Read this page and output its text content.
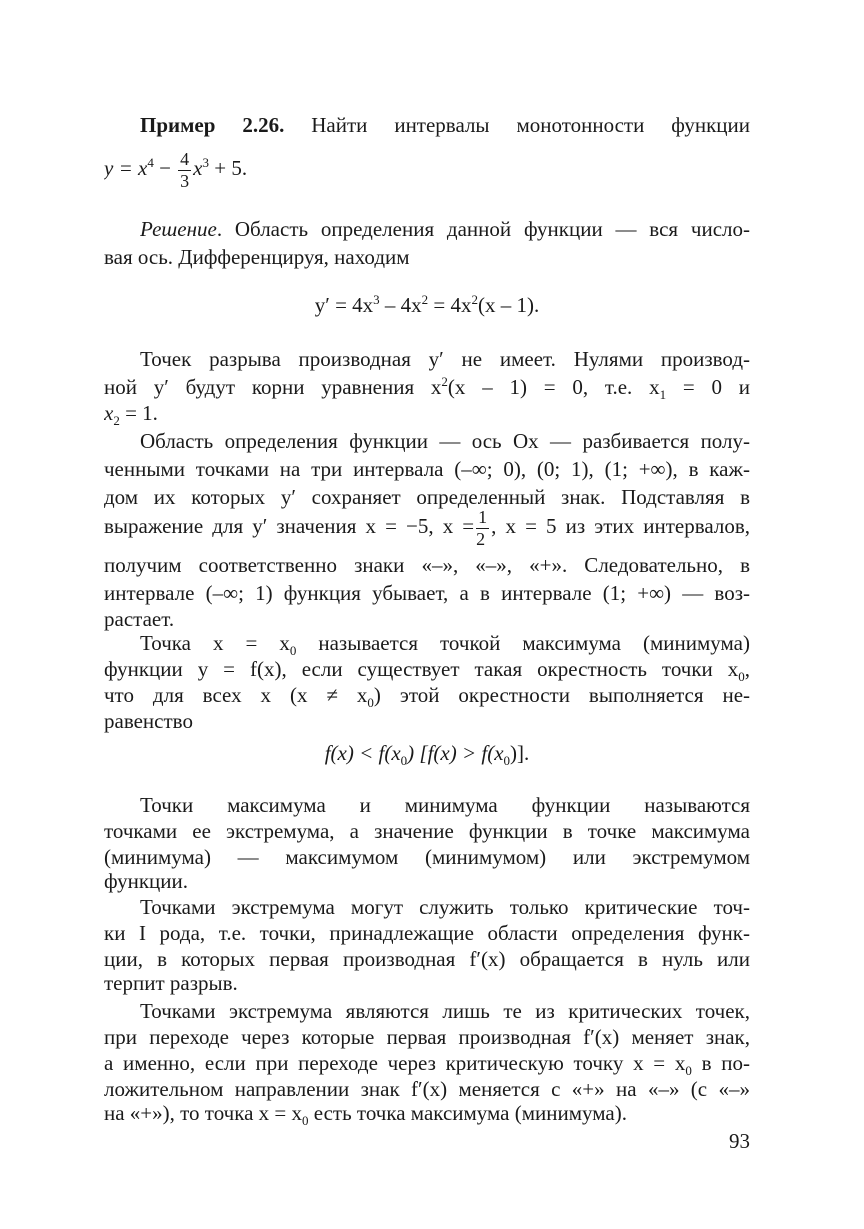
Пример 2.26. Найти интервалы монотонности функции
$y = x^4 - \frac{4}{3} x^3 + 5$.
Решение. Область определения данной функции — вся число-
вая ось. Дифференцируя, находим
$y' = 4x^3 - 4x^2 = 4x^2(x - 1)$.
Точек разрыва производная y′ не имеет. Нулями производ-
ной y′ будут корни уравнения $x^2(x - 1) = 0$, т.е. $x_1 = 0$ и
$x_2 = 1$.
Область определения функции — ось Ох — разбивается полу-
ченными точками на три интервала (–∞; 0), (0; 1), (1; +∞), в каж-
дом их которых y′ сохраняет определенный знак. Подставляя в
выражение для y′ значения x = −5, $x = \frac{1}{2}$ , x = 5 из этих интервалов,
получим соответственно знаки «–», «–», «+». Следовательно, в
интервале (–∞; 1) функция убывает, а в интервале (1; +∞) — воз-
растает.
Точка $x = x_0$ называется точкой максимума (минимума)
функции y = f(x), если существует такая окрестность точки $x_0$,
что для всех x $(x \ne x_0)$ этой окрестности выполняется не-
равенство
$f(x) < f(x_0) [f(x) > f(x_0)]$.
Точки максимума и минимума функции называются
точками ее экстремума, а значение функции в точке максимума
(минимума) — максимумом (минимумом) или экстремумом
функции.
Точками экстремума могут служить только критические точ-
ки I рода, т.е. точки, принадлежащие области определения функ-
ции, в которых первая производная f′(x) обращается в нуль или
терпит разрыв.
Точками экстремума являются лишь те из критических точек,
при переходе через которые первая производная f′(x) меняет знак,
а именно, если при переходе через критическую точку $x = x_0$ в по-
ложительном направлении знак f′(x) меняется с «+» на «–» (с «–»
на «+»), то точка $x = x_0$ есть точка максимума (минимума).
93
